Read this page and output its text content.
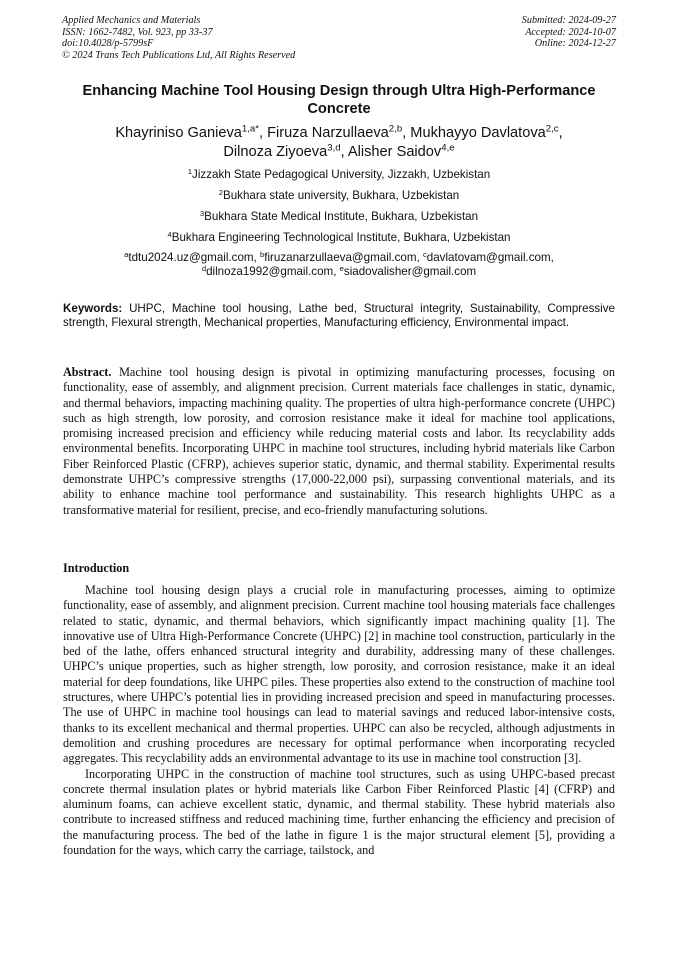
Applied Mechanics and Materials
ISSN: 1662-7482, Vol. 923, pp 33-37
doi:10.4028/p-5799sF
© 2024 Trans Tech Publications Ltd, All Rights Reserved
Submitted: 2024-09-27
Accepted: 2024-10-07
Online: 2024-12-27
Enhancing Machine Tool Housing Design through Ultra High-Performance Concrete
Khayriniso Ganieva$^{1,a*}$, Firuza Narzullaeva$^{2,b}$, Mukhayyo Davlatova$^{2,c}$,
Dilnoza Ziyoeva$^{3,d}$, Alisher Saidov$^{4,e}$
$^1$Jizzakh State Pedagogical University, Jizzakh, Uzbekistan
$^2$Bukhara state university, Bukhara, Uzbekistan
$^3$Bukhara State Medical Institute, Bukhara, Uzbekistan
$^4$Bukhara Engineering Technological Institute, Bukhara, Uzbekistan
$^a$tdtu2024.uz@gmail.com, $^b$firuzanarzullaeva@gmail.com, $^c$davlatovam@gmail.com,
$^d$dilnoza1992@gmail.com, $^e$siadovalisher@gmail.com
Keywords: UHPC, Machine tool housing, Lathe bed, Structural integrity, Sustainability, Compressive strength, Flexural strength, Mechanical properties, Manufacturing efficiency, Environmental impact.
Abstract. Machine tool housing design is pivotal in optimizing manufacturing processes, focusing on functionality, ease of assembly, and alignment precision. Current materials face challenges in static, dynamic, and thermal behaviors, impacting machining quality. The properties of ultra high-performance concrete (UHPC) such as high strength, low porosity, and corrosion resistance make it ideal for machine tool applications, promising increased precision and efficiency while reducing material costs and labor. Its recyclability adds environmental benefits. Incorporating UHPC in machine tool structures, including hybrid materials like Carbon Fiber Reinforced Plastic (CFRP), achieves superior static, dynamic, and thermal stability. Experimental results demonstrate UHPC’s compressive strengths (17,000-22,000 psi), surpassing conventional materials, and its ability to enhance machine tool performance and sustainability. This research highlights UHPC as a transformative material for resilient, precise, and eco-friendly manufacturing solutions.
Introduction

Machine tool housing design plays a crucial role in manufacturing processes, aiming to optimize functionality, ease of assembly, and alignment precision. Current machine tool housing materials face challenges related to static, dynamic, and thermal behaviors, which significantly impact machining quality [1]. The innovative use of Ultra High-Performance Concrete (UHPC) [2] in machine tool construction, particularly in the bed of the lathe, offers enhanced structural integrity and durability, addressing many of these challenges. UHPC’s unique properties, such as higher strength, low porosity, and corrosion resistance, make it an ideal material for deep foundations, like UHPC piles. These properties also extend to the construction of machine tool structures, where UHPC’s potential lies in providing increased precision and speed in manufacturing processes. The use of UHPC in machine tool housings can lead to material savings and reduced labor-intensive costs, thanks to its excellent mechanical and thermal properties. UHPC can also be recycled, although adjustments in demolition and crushing procedures are necessary for optimal performance when incorporating recycled aggregates. This recyclability adds an environmental advantage to its use in machine tool construction [3].

Incorporating UHPC in the construction of machine tool structures, such as using UHPC-based precast concrete thermal insulation plates or hybrid materials like Carbon Fiber Reinforced Plastic [4] (CFRP) and aluminum foams, can achieve excellent static, dynamic, and thermal stability. These hybrid materials also contribute to increased stiffness and reduced machining time, further enhancing the efficiency and precision of the manufacturing process. The bed of the lathe in figure 1 is the major structural element [5], providing a foundation for the ways, which carry the carriage, tailstock, and
